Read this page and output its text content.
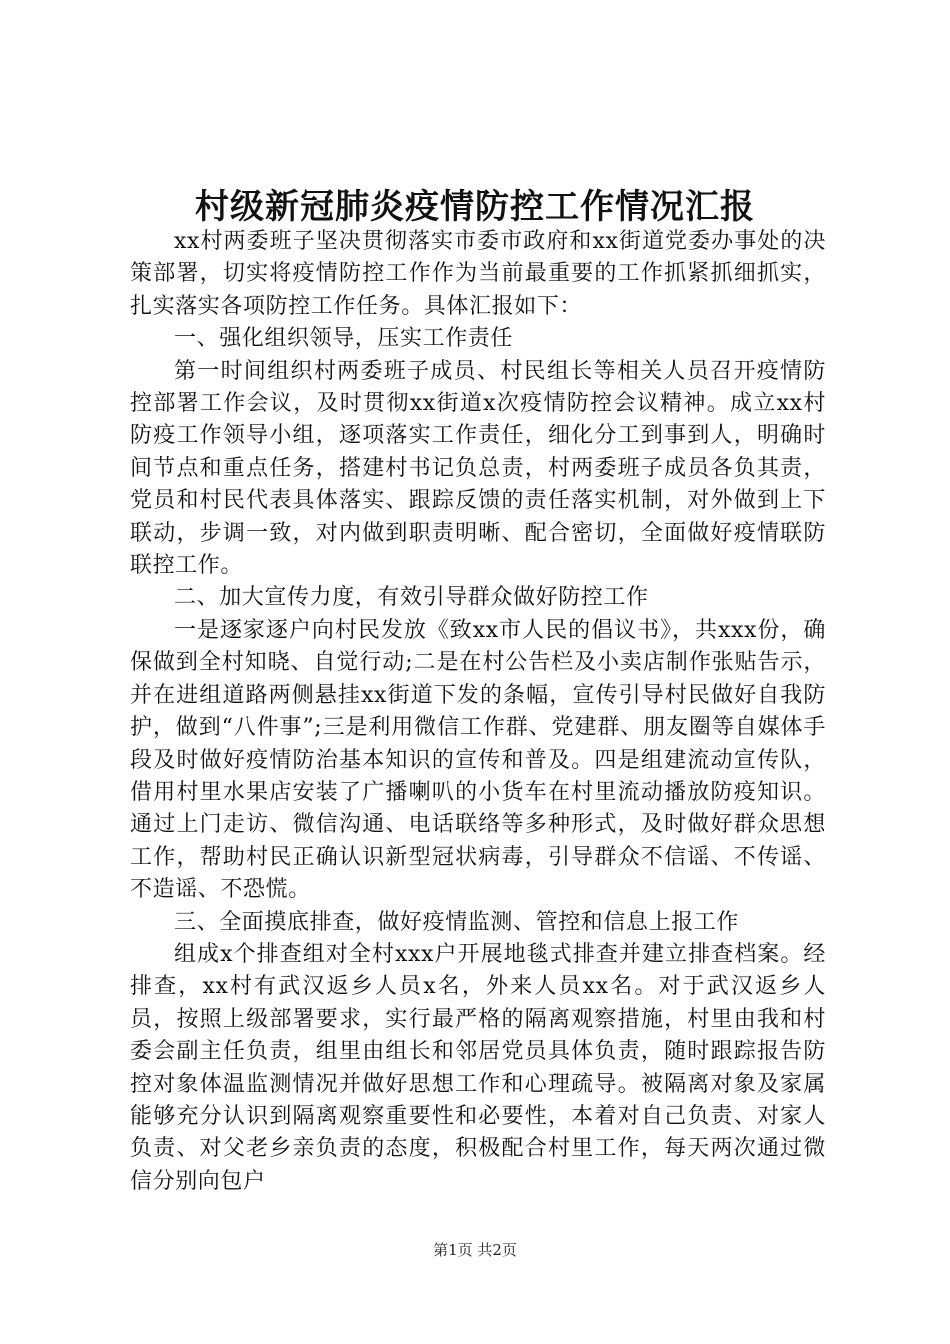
村级新冠肺炎疫情防控工作情况汇报

xx村两委班子坚决贯彻落实市委市政府和xx街道党委办事处的决策部署，切实将疫情防控工作作为当前最重要的工作抓紧抓细抓实，扎实落实各项防控工作任务。具体汇报如下：

一、强化组织领导，压实工作责任

第一时间组织村两委班子成员、村民组长等相关人员召开疫情防控部署工作会议，及时贯彻xx街道x次疫情防控会议精神。成立xx村防疫工作领导小组，逐项落实工作责任，细化分工到事到人，明确时间节点和重点任务，搭建村书记负总责，村两委班子成员各负其责，党员和村民代表具体落实、跟踪反馈的责任落实机制，对外做到上下联动，步调一致，对内做到职责明晰、配合密切，全面做好疫情联防联控工作。

二、加大宣传力度，有效引导群众做好防控工作

一是逐家逐户向村民发放《致xx市人民的倡议书》，共xxx份，确保做到全村知晓、自觉行动;二是在村公告栏及小卖店制作张贴告示，并在进组道路两侧悬挂xx街道下发的条幅，宣传引导村民做好自我防护，做到“八件事”;三是利用微信工作群、党建群、朋友圈等自媒体手段及时做好疫情防治基本知识的宣传和普及。四是组建流动宣传队，借用村里水果店安装了广播喇叭的小货车在村里流动播放防疫知识。通过上门走访、微信沟通、电话联络等多种形式，及时做好群众思想工作，帮助村民正确认识新型冠状病毒，引导群众不信谣、不传谣、不造谣、不恐慌。

三、全面摸底排查，做好疫情监测、管控和信息上报工作

组成x个排查组对全村xxx户开展地毯式排查并建立排查档案。经排查，xx村有武汉返乡人员x名，外来人员xx名。对于武汉返乡人员，按照上级部署要求，实行最严格的隔离观察措施，村里由我和村委会副主任负责，组里由组长和邻居党员具体负责，随时跟踪报告防控对象体温监测情况并做好思想工作和心理疏导。被隔离对象及家属能够充分认识到隔离观察重要性和必要性，本着对自己负责、对家人负责、对父老乡亲负责的态度，积极配合村里工作，每天两次通过微信分别向包户

第1页 共2页
